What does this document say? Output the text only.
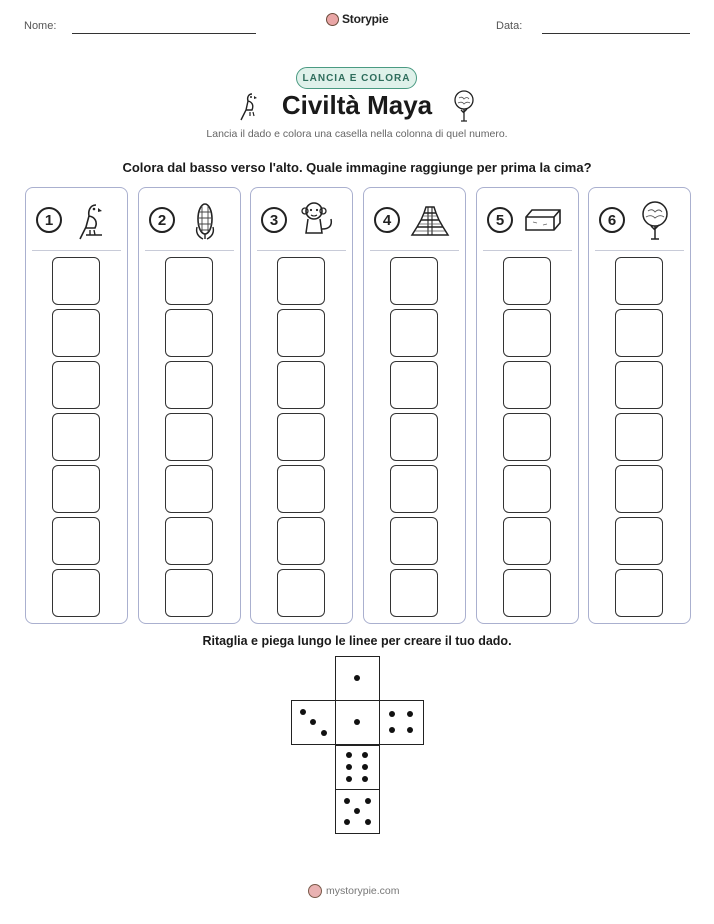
Nome:	Storypie	Data:
LANCIA E COLORA
Civiltà Maya
Lancia il dado e colora una casella nella colonna di quel numero.
Colora dal basso verso l'alto. Quale immagine raggiunge per prima la cima?
1	2	3	4	5	6
Ritaglia e piega lungo le linee per creare il tuo dado.
mystorypie.com
